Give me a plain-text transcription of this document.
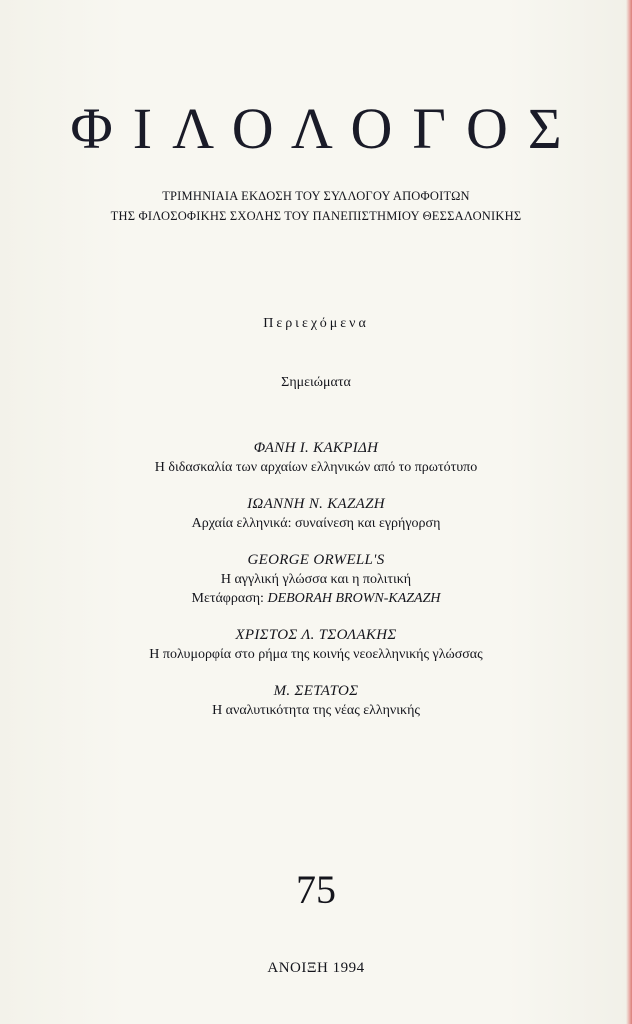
ΦΙΛΟΛΟΓΟΣ
ΤΡΙΜΗΝΙΑΙΑ ΕΚΔΟΣΗ ΤΟΥ ΣΥΛΛΟΓΟΥ ΑΠΟΦΟΙΤΩΝ
ΤΗΣ ΦΙΛΟΣΟΦΙΚΗΣ ΣΧΟΛΗΣ ΤΟΥ ΠΑΝΕΠΙΣΤΗΜΙΟΥ ΘΕΣΣΑΛΟΝΙΚΗΣ
Περιεχόμενα
Σημειώματα
ΦΑΝΗ Ι. ΚΑΚΡΙΔΗ
Η διδασκαλία των αρχαίων ελληνικών από το πρωτότυπο
ΙΩΑΝΝΗ Ν. ΚΑΖΑΖΗ
Αρχαία ελληνικά: συναίνεση και εγρήγορση
GEORGE ORWELL'S
Η αγγλική γλώσσα και η πολιτική
Μετάφραση: DEBORAH BROWN-KAZAZH
ΧΡΙΣΤΟΣ Λ. ΤΣΟΛΑΚΗΣ
Η πολυμορφία στο ρήμα της κοινής νεοελληνικής γλώσσας
Μ. ΣΕΤΑΤΟΣ
Η αναλυτικότητα της νέας ελληνικής
75
ΑΝΟΙΞΗ 1994
